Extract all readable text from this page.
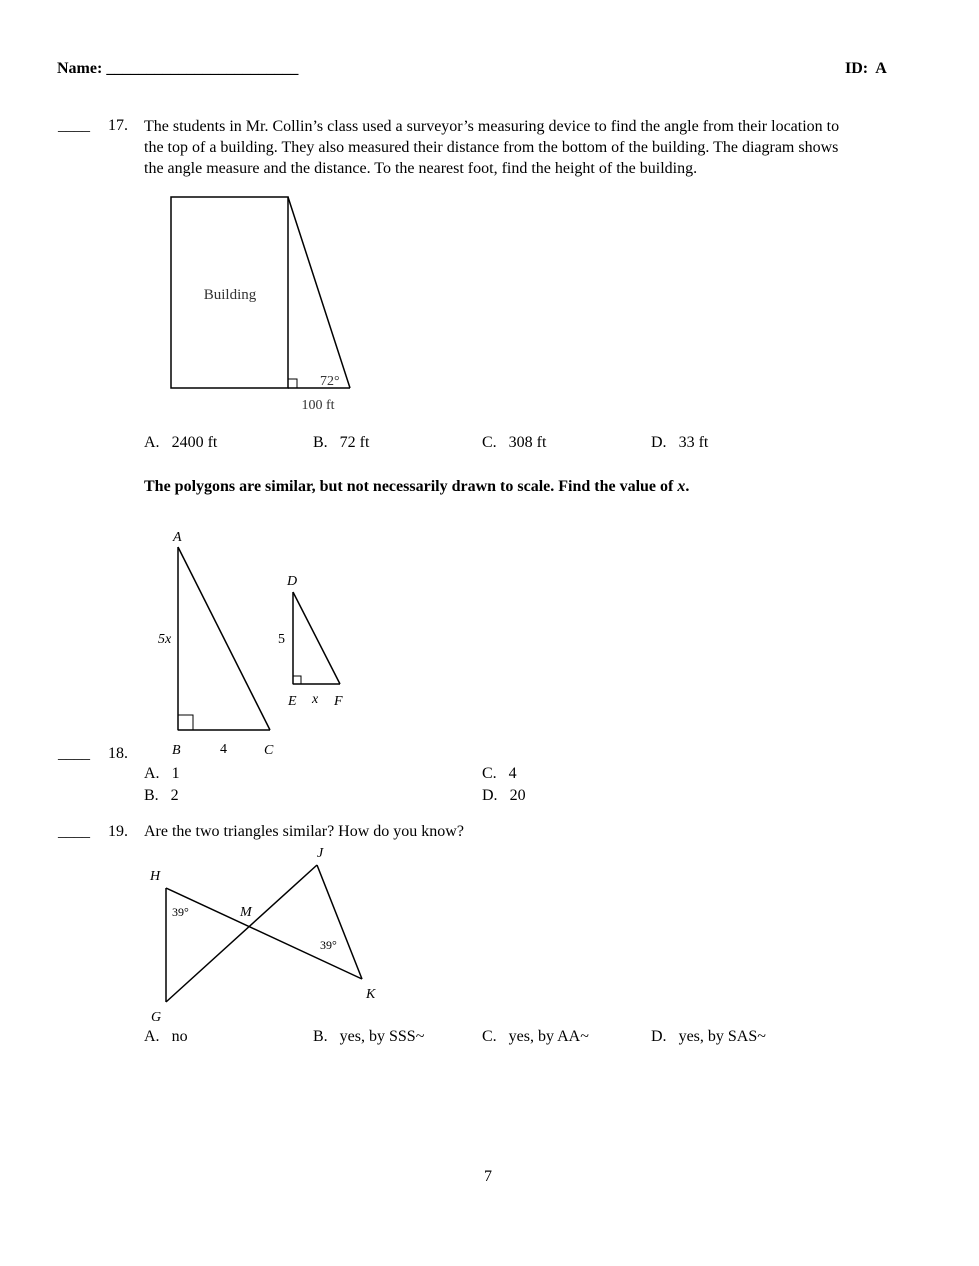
Name: ________________________	ID: A
____ 17. The students in Mr. Collin’s class used a surveyor’s measuring device to find the angle from their location to
the top of a building. They also measured their distance from the bottom of the building. The diagram shows
the angle measure and the distance. To the nearest foot, find the height of the building.
Building
72°
100 ft
A. 2400 ft	B. 72 ft	C. 308 ft	D. 33 ft
The polygons are similar, but not necessarily drawn to scale. Find the value of x.
A
5x
B	4	C
D
5
E x F
____ 18.
A. 1
B. 2
C. 4
D. 20
____ 19. Are the two triangles similar? How do you know?
H
J
M
G
K
39°
39°
A. no	B. yes, by SSS~	C. yes, by AA~	D. yes, by SAS~
7
